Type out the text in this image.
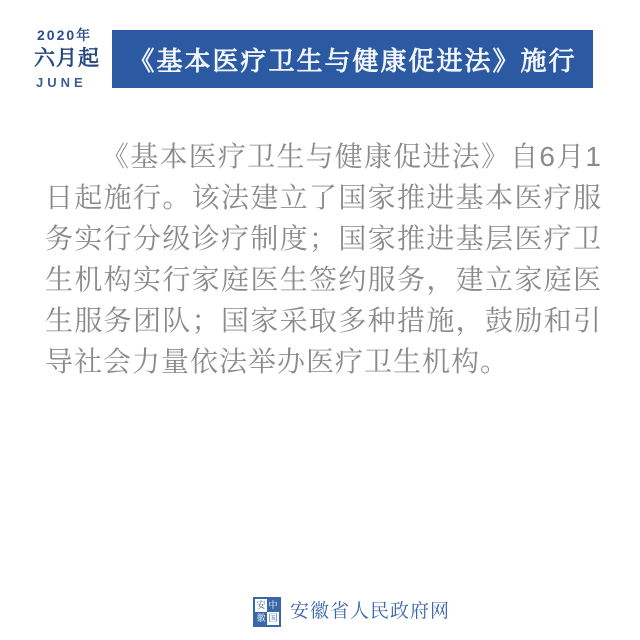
2020年
六月起
JUNE
《基本医疗卫生与健康促进法》施行

《基本医疗卫生与健康促进法》自6月1日起施行。该法建立了国家推进基本医疗服务实行分级诊疗制度；国家推进基层医疗卫生机构实行家庭医生签约服务，建立家庭医生服务团队；国家采取多种措施，鼓励和引导社会力量依法举办医疗卫生机构。

安 中
徽 国 安徽省人民政府网
